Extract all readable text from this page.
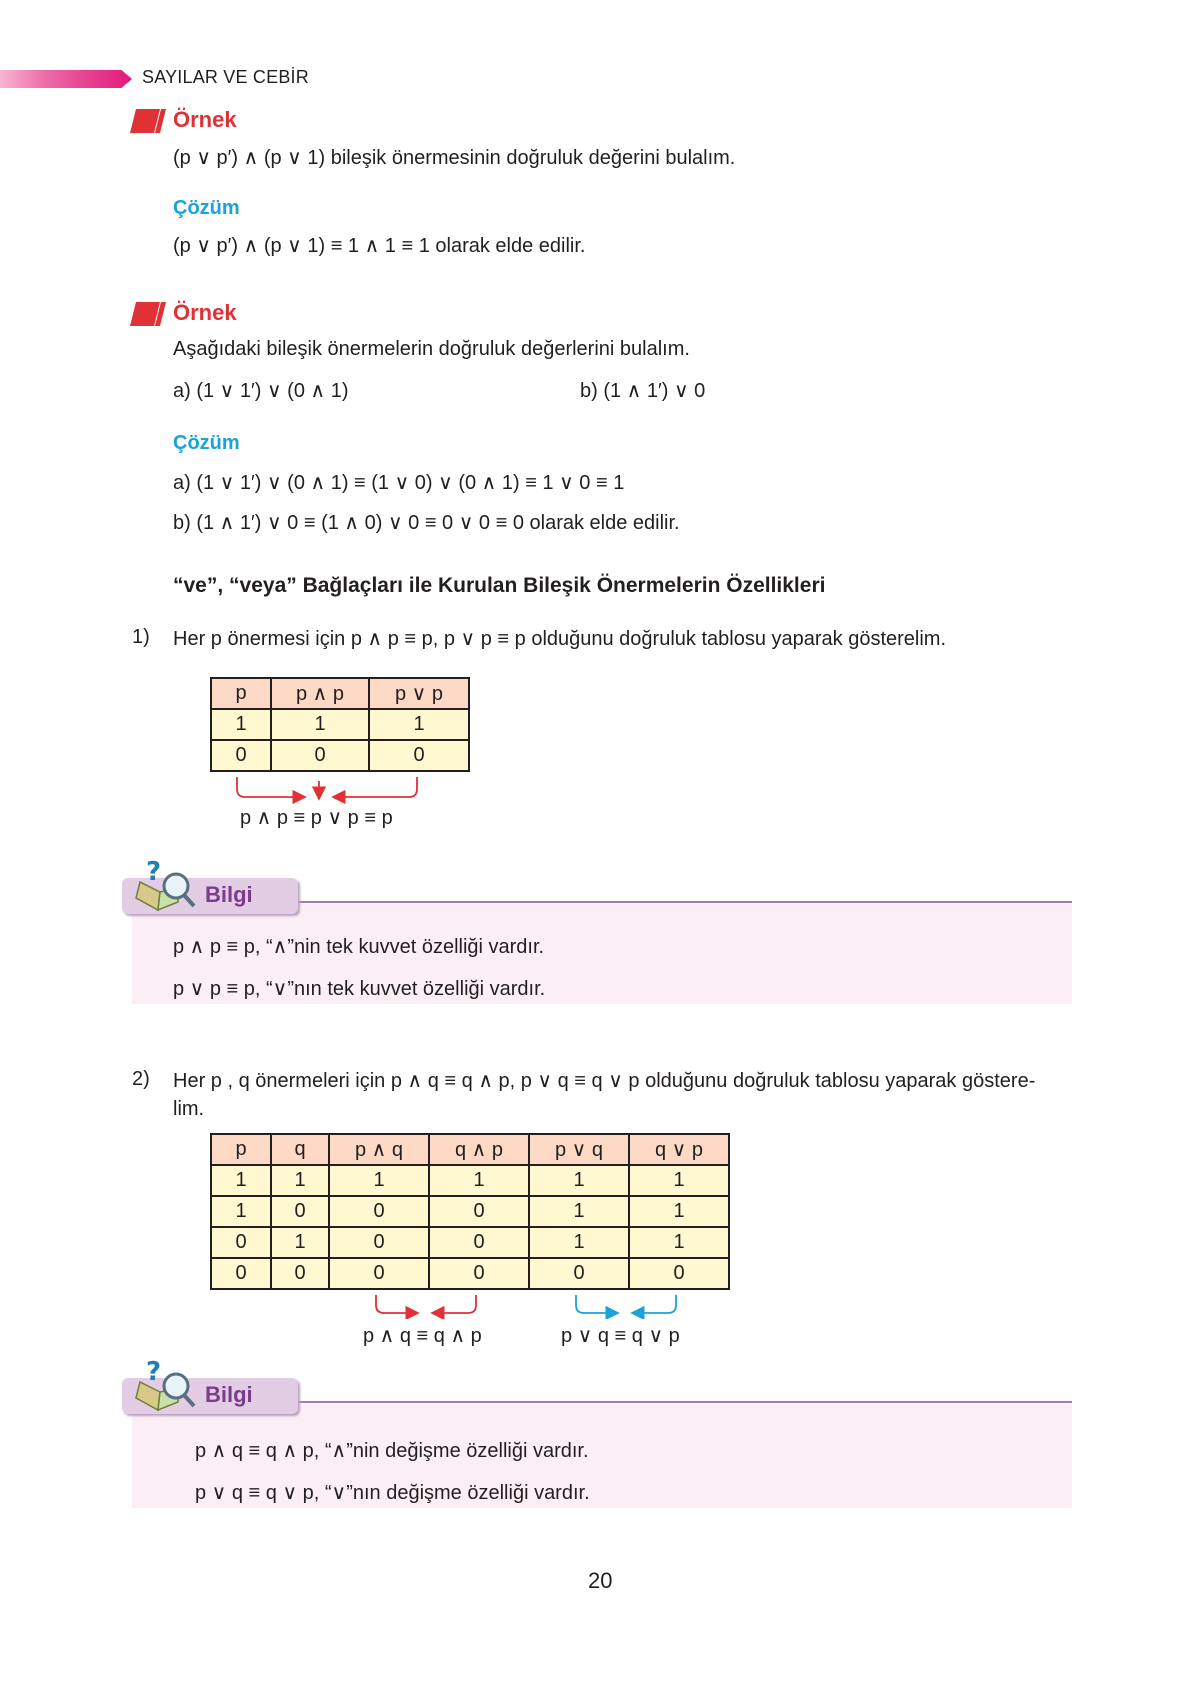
SAYILAR VE CEBİR
Örnek
(p ∨ p′) ∧ (p ∨ 1) bileşik önermesinin doğruluk değerini bulalım.
Çözüm
(p ∨ p′) ∧ (p ∨ 1) ≡ 1 ∧ 1 ≡ 1 olarak elde edilir.
Örnek
Aşağıdaki bileşik önermelerin doğruluk değerlerini bulalım.
a) (1 ∨ 1′) ∨ (0 ∧ 1)	b) (1 ∧ 1′) ∨ 0
Çözüm
a) (1 ∨ 1′) ∨ (0 ∧ 1) ≡ (1 ∨ 0) ∨ (0 ∧ 1) ≡ 1 ∨ 0 ≡ 1
b) (1 ∧ 1′) ∨ 0 ≡ (1 ∧ 0) ∨ 0 ≡ 0 ∨ 0 ≡ 0 olarak elde edilir.
“ve”, “veya” Bağlaçları ile Kurulan Bileşik Önermelerin Özellikleri
1) Her p önermesi için p ∧ p ≡ p, p ∨ p ≡ p olduğunu doğruluk tablosu yaparak gösterelim.
p	p ∧ p	p ∨ p
1	1	1
0	0	0
p ∧ p ≡ p ∨ p ≡ p
?
Bilgi
p ∧ p ≡ p, “∧”nin tek kuvvet özelliği vardır.
p ∨ p ≡ p, “∨”nın tek kuvvet özelliği vardır.
2) Her p , q önermeleri için p ∧ q ≡ q ∧ p, p ∨ q ≡ q ∨ p olduğunu doğruluk tablosu yaparak göstere-
lim.
p	q	p ∧ q	q ∧ p	p ∨ q	q ∨ p
1	1	1	1	1	1
1	0	0	0	1	1
0	1	0	0	1	1
0	0	0	0	0	0
p ∧ q ≡ q ∧ p	p ∨ q ≡ q ∨ p
?
Bilgi
p ∧ q ≡ q ∧ p, “∧”nin değişme özelliği vardır.
p ∨ q ≡ q ∨ p, “∨”nın değişme özelliği vardır.
20
